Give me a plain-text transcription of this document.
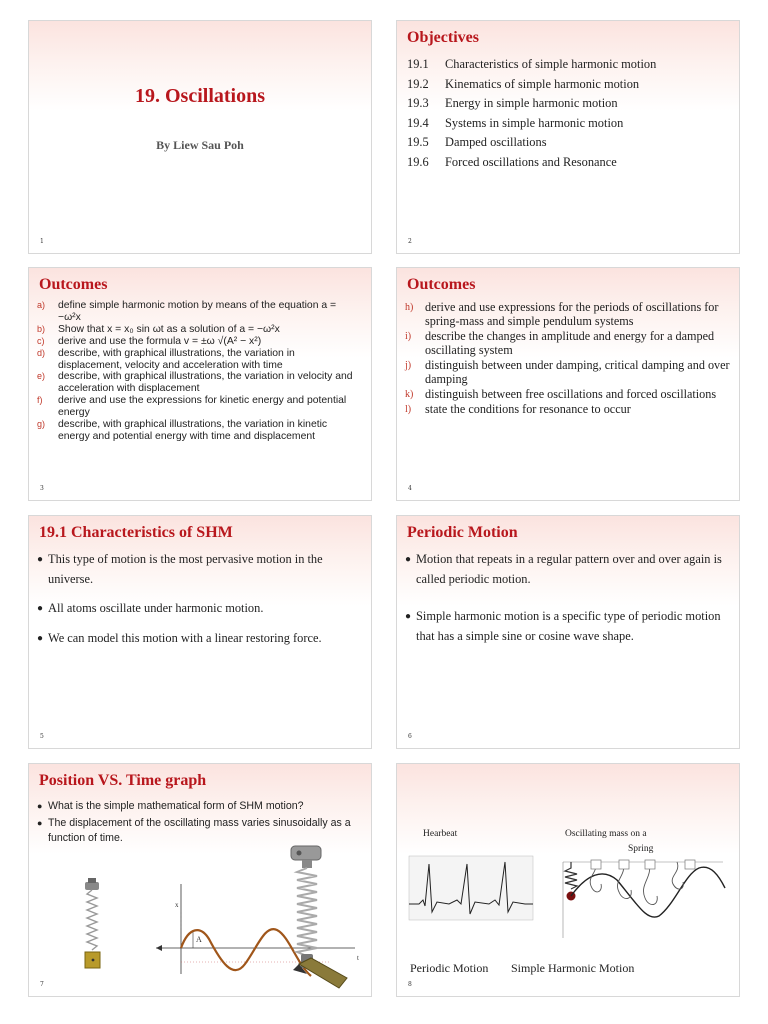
19. Oscillations
By Liew Sau Poh
1
Objectives
19.1 Characteristics of simple harmonic motion
19.2 Kinematics of simple harmonic motion
19.3 Energy in simple harmonic motion
19.4 Systems in simple harmonic motion
19.5 Damped oscillations
19.6 Forced oscillations and Resonance
2
Outcomes
a) define simple harmonic motion by means of the equation a = −ω²x
b) Show that x = x₀ sin ωt as a solution of a = −ω²x
c) derive and use the formula v = ±ω √(A² − x²)
d) describe, with graphical illustrations, the variation in displacement, velocity and acceleration with time
e) describe, with graphical illustrations, the variation in velocity and acceleration with displacement
f) derive and use the expressions for kinetic energy and potential energy
g) describe, with graphical illustrations, the variation in kinetic energy and potential energy with time and displacement
3
Outcomes
h) derive and use expressions for the periods of oscillations for spring-mass and simple pendulum systems
i) describe the changes in amplitude and energy for a damped oscillating system
j) distinguish between under damping, critical damping and over damping
k) distinguish between free oscillations and forced oscillations
l) state the conditions for resonance to occur
4
19.1 Characteristics of SHM
● This type of motion is the most pervasive motion in the universe.
● All atoms oscillate under harmonic motion.
● We can model this motion with a linear restoring force.
5
Periodic Motion
● Motion that repeats in a regular pattern over and over again is called periodic motion.
● Simple harmonic motion is a specific type of periodic motion that has a simple sine or cosine wave shape.
6
Position VS. Time graph
● What is the simple mathematical form of SHM motion?
● The displacement of the oscillating mass varies sinusoidally as a function of time.
x
t
A
7
Hearbeat	Oscillating mass on a
Spring
Periodic Motion Simple Harmonic Motion
8
